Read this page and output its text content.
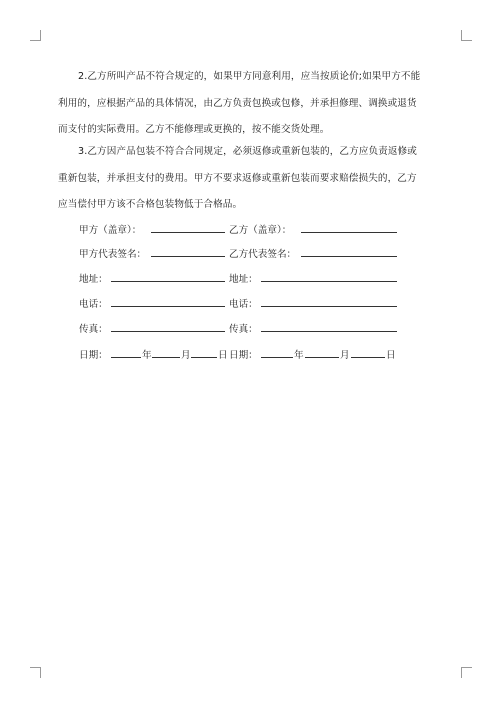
2.乙方所叫产品不符合规定的，如果甲方同意利用，应当按质论价;如果甲方不能
利用的，应根据产品的具体情况，由乙方负责包换或包修，并承担修理、调换或退货
而支付的实际费用。乙方不能修理或更换的，按不能交货处理。
3.乙方因产品包装不符合合同规定，必须返修或重新包装的，乙方应负责返修或
重新包装，并承担支付的费用。甲方不要求返修或重新包装而要求赔偿损失的，乙方
应当偿付甲方该不合格包装物低于合格品。
甲方（盖章）：	乙方（盖章）：
甲方代表签名：	乙方代表签名：
地址：	地址：
电话：	电话：
传真：	传真：
日期：	年	月	日 日期：	年	月	日
